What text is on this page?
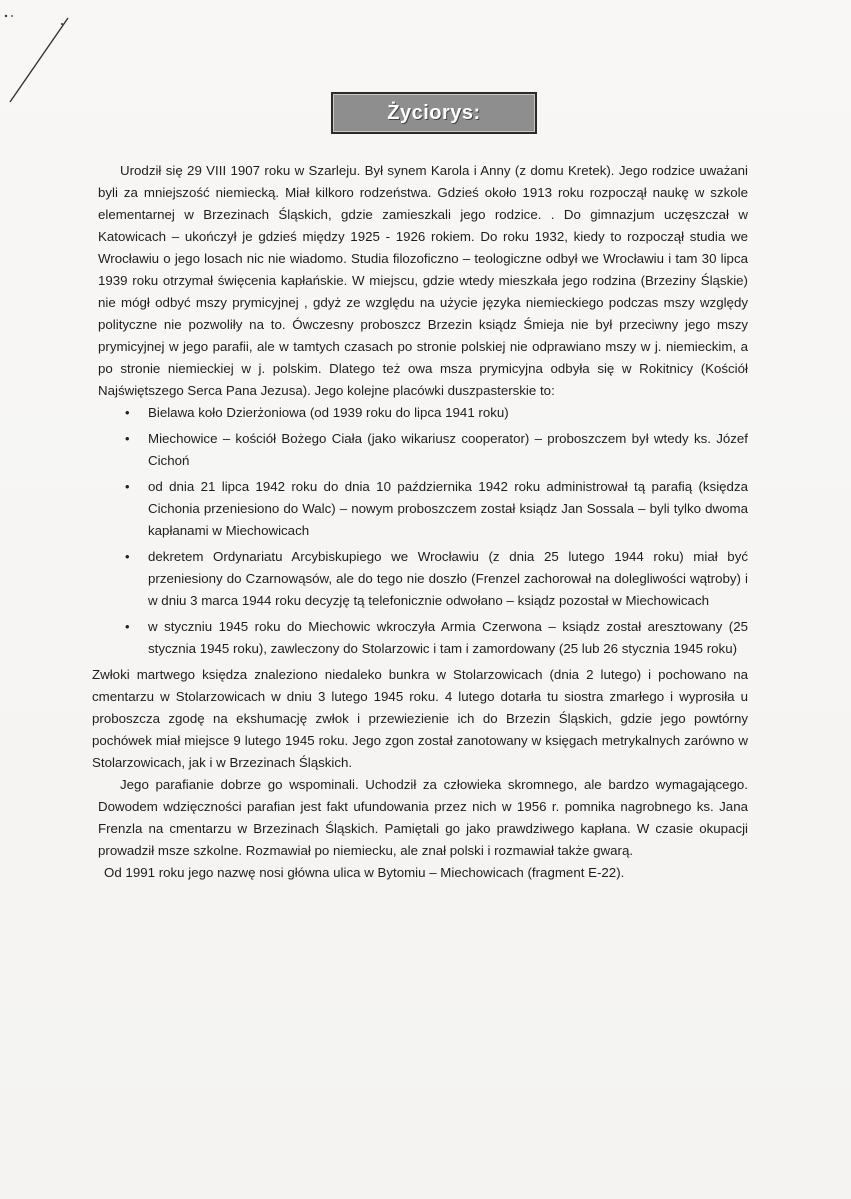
Życiorys:

Urodził się 29 VIII 1907 roku w Szarleju. Był synem Karola i Anny (z domu Kretek). Jego rodzice uważani byli za mniejszość niemiecką. Miał kilkoro rodzeństwa. Gdzieś około 1913 roku rozpoczął naukę w szkole elementarnej w Brzezinach Śląskich, gdzie zamieszkali jego rodzice. . Do gimnazjum uczęszczał w Katowicach – ukończył je gdzieś między 1925 - 1926 rokiem. Do roku 1932, kiedy to rozpoczął studia we Wrocławiu o jego losach nic nie wiadomo. Studia filozoficzno – teologiczne odbył we Wrocławiu i tam 30 lipca 1939 roku otrzymał święcenia kapłańskie. W miejscu, gdzie wtedy mieszkała jego rodzina (Brzeziny Śląskie) nie mógł odbyć mszy prymicyjnej , gdyż ze względu na użycie języka niemieckiego podczas mszy względy polityczne nie pozwoliły na to. Ówczesny proboszcz Brzezin ksiądz Śmieja nie był przeciwny jego mszy prymicyjnej w jego parafii, ale w tamtych czasach po stronie polskiej nie odprawiano mszy w j. niemieckim, a po stronie niemieckiej w j. polskim. Dlatego też owa msza prymicyjna odbyła się w Rokitnicy (Kościół Najświętszego Serca Pana Jezusa). Jego kolejne placówki duszpasterskie to:

• Bielawa koło Dzierżoniowa (od 1939 roku do lipca 1941 roku)
• Miechowice – kościół Bożego Ciała (jako wikariusz cooperator) – proboszczem był wtedy ks. Józef Cichoń
• od dnia 21 lipca 1942 roku do dnia 10 października 1942 roku administrował tą parafią (księdza Cichonia przeniesiono do Walc) – nowym proboszczem został ksiądz Jan Sossala – byli tylko dwoma kapłanami w Miechowicach
• dekretem Ordynariatu Arcybiskupiego we Wrocławiu (z dnia 25 lutego 1944 roku) miał być przeniesiony do Czarnowąsów, ale do tego nie doszło (Frenzel zachorował na dolegliwości wątroby) i w dniu 3 marca 1944 roku decyzję tą telefonicznie odwołano – ksiądz pozostał w Miechowicach
• w styczniu 1945 roku do Miechowic wkroczyła Armia Czerwona – ksiądz został aresztowany (25 stycznia 1945 roku), zawleczony do Stolarzowic i tam i zamordowany (25 lub 26 stycznia 1945 roku)

Zwłoki martwego księdza znaleziono niedaleko bunkra w Stolarzowicach (dnia 2 lutego) i pochowano na cmentarzu w Stolarzowicach w dniu 3 lutego 1945 roku. 4 lutego dotarła tu siostra zmarłego i wyprosiła u proboszcza zgodę na ekshumację zwłok i przewiezienie ich do Brzezin Śląskich, gdzie jego powtórny pochówek miał miejsce 9 lutego 1945 roku. Jego zgon został zanotowany w księgach metrykalnych zarówno w Stolarzowicach, jak i w Brzezinach Śląskich.

Jego parafianie dobrze go wspominali. Uchodził za człowieka skromnego, ale bardzo wymagającego. Dowodem wdzięczności parafian jest fakt ufundowania przez nich w 1956 r. pomnika nagrobnego ks. Jana Frenzla na cmentarzu w Brzezinach Śląskich. Pamiętali go jako prawdziwego kapłana. W czasie okupacji prowadził msze szkolne. Rozmawiał po niemiecku, ale znał polski i rozmawiał także gwarą.

Od 1991 roku jego nazwę nosi główna ulica w Bytomiu – Miechowicach (fragment E-22).
